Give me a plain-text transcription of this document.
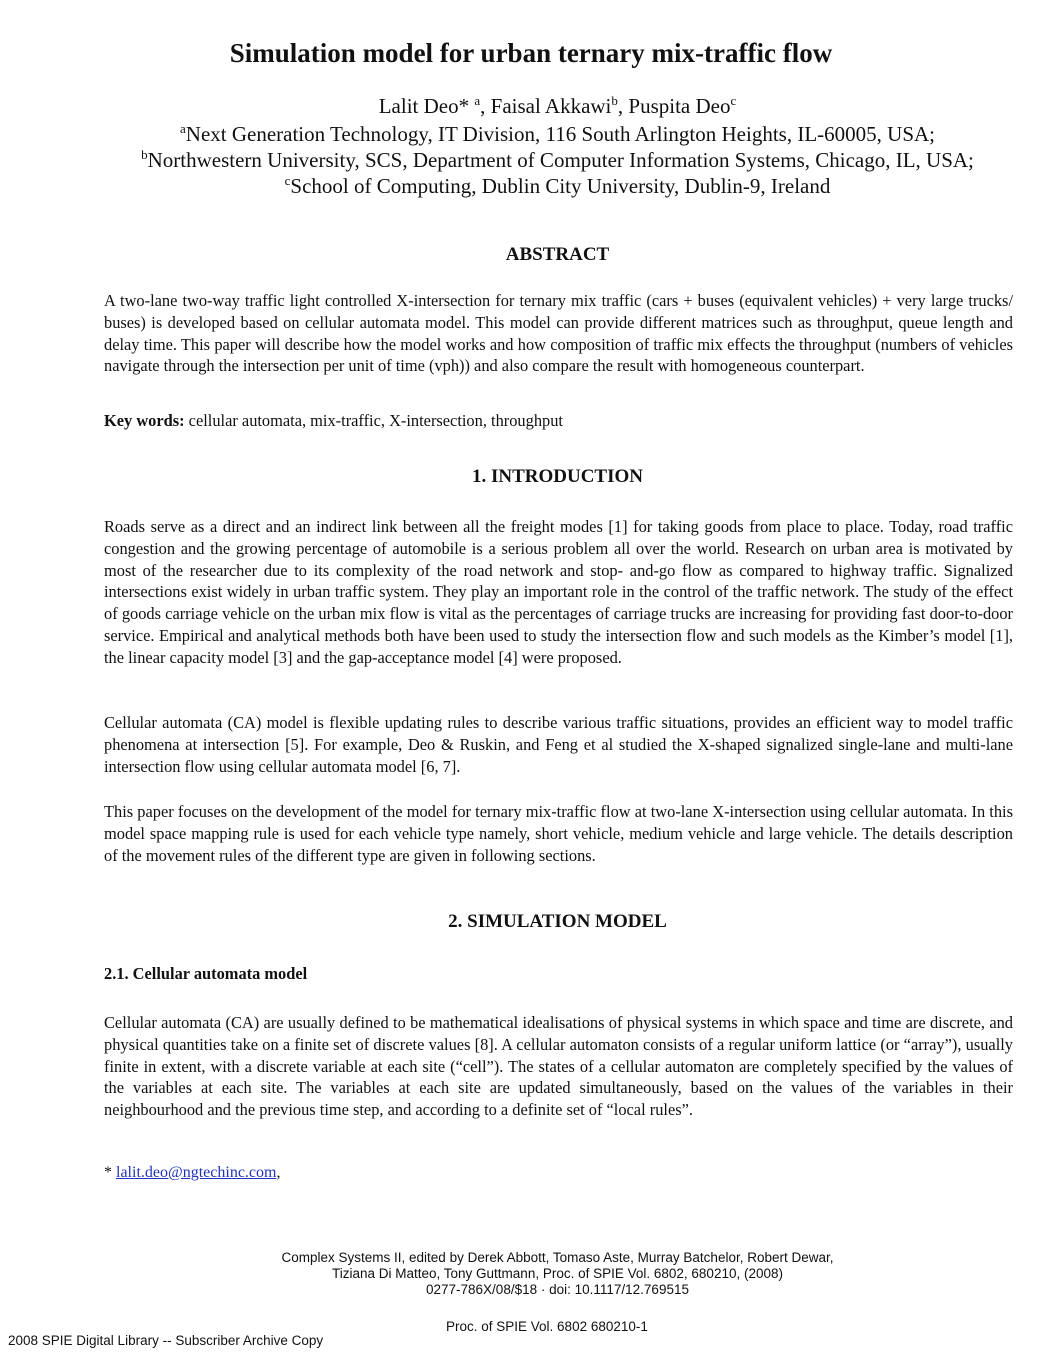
Simulation model for urban ternary mix-traffic flow
Lalit Deo* $^a$, Faisal Akkawi$^b$, Puspita Deo$^c$
$^a$Next Generation Technology, IT Division, 116 South Arlington Heights, IL-60005, USA;
$^b$Northwestern University, SCS, Department of Computer Information Systems, Chicago, IL, USA;
$^c$School of Computing, Dublin City University, Dublin-9, Ireland
ABSTRACT

A two-lane two-way traffic light controlled X-intersection for ternary mix traffic (cars + buses (equivalent vehicles) + very large trucks/ buses) is developed based on cellular automata model. This model can provide different matrices such as throughput, queue length and delay time. This paper will describe how the model works and how composition of traffic mix effects the throughput (numbers of vehicles navigate through the intersection per unit of time (vph)) and also compare the result with homogeneous counterpart.

Key words: cellular automata, mix-traffic, X-intersection, throughput
1. INTRODUCTION

Roads serve as a direct and an indirect link between all the freight modes [1] for taking goods from place to place. Today, road traffic congestion and the growing percentage of automobile is a serious problem all over the world. Research on urban area is motivated by most of the researcher due to its complexity of the road network and stop- and-go flow as compared to highway traffic. Signalized intersections exist widely in urban traffic system. They play an important role in the control of the traffic network. The study of the effect of goods carriage vehicle on the urban mix flow is vital as the percentages of carriage trucks are increasing for providing fast door-to-door service. Empirical and analytical methods both have been used to study the intersection flow and such models as the Kimber’s model [1], the linear capacity model [3] and the gap-acceptance model [4] were proposed.

Cellular automata (CA) model is flexible updating rules to describe various traffic situations, provides an efficient way to model traffic phenomena at intersection [5]. For example, Deo & Ruskin, and Feng et al studied the X-shaped signalized single-lane and multi-lane intersection flow using cellular automata model [6, 7].

This paper focuses on the development of the model for ternary mix-traffic flow at two-lane X-intersection using cellular automata. In this model space mapping rule is used for each vehicle type namely, short vehicle, medium vehicle and large vehicle. The details description of the movement rules of the different type are given in following sections.

2. SIMULATION MODEL
2.1. Cellular automata model

Cellular automata (CA) are usually defined to be mathematical idealisations of physical systems in which space and time are discrete, and physical quantities take on a finite set of discrete values [8]. A cellular automaton consists of a regular uniform lattice (or “array”), usually finite in extent, with a discrete variable at each site (“cell”). The states of a cellular automaton are completely specified by the values of the variables at each site. The variables at each site are updated simultaneously, based on the values of the variables in their neighbourhood and the previous time step, and according to a definite set of “local rules”.

* lalit.deo@ngtechinc.com,
Complex Systems II, edited by Derek Abbott, Tomaso Aste, Murray Batchelor, Robert Dewar,
Tiziana Di Matteo, Tony Guttmann, Proc. of SPIE Vol. 6802, 680210, (2008)
0277-786X/08/$18 · doi: 10.1117/12.769515
Proc. of SPIE Vol. 6802 680210-1
2008 SPIE Digital Library -- Subscriber Archive Copy
